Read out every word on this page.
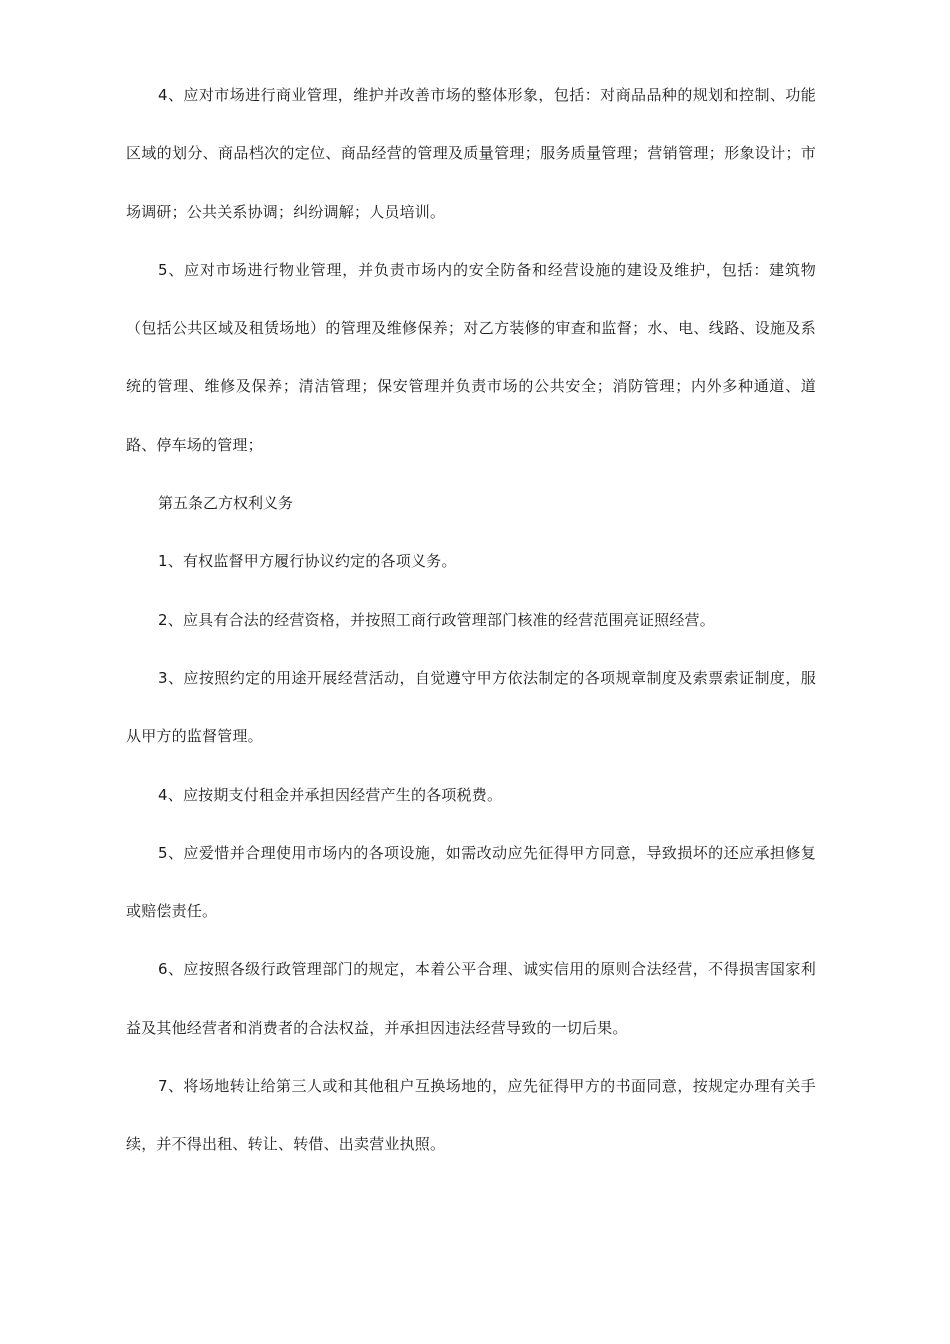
4、应对市场进行商业管理，维护并改善市场的整体形象，包括：对商品品种的规划和控制、功能区域的划分、商品档次的定位、商品经营的管理及质量管理；服务质量管理；营销管理；形象设计；市场调研；公共关系协调；纠纷调解；人员培训。

5、应对市场进行物业管理，并负责市场内的安全防备和经营设施的建设及维护，包括：建筑物（包括公共区域及租赁场地）的管理及维修保养；对乙方装修的审查和监督；水、电、线路、设施及系统的管理、维修及保养；清洁管理；保安管理并负责市场的公共安全；消防管理；内外多种通道、道路、停车场的管理；

第五条乙方权利义务

1、有权监督甲方履行协议约定的各项义务。

2、应具有合法的经营资格，并按照工商行政管理部门核准的经营范围亮证照经营。

3、应按照约定的用途开展经营活动，自觉遵守甲方依法制定的各项规章制度及索票索证制度，服从甲方的监督管理。

4、应按期支付租金并承担因经营产生的各项税费。

5、应爱惜并合理使用市场内的各项设施，如需改动应先征得甲方同意，导致损坏的还应承担修复或赔偿责任。

6、应按照各级行政管理部门的规定，本着公平合理、诚实信用的原则合法经营，不得损害国家利益及其他经营者和消费者的合法权益，并承担因违法经营导致的一切后果。

7、将场地转让给第三人或和其他租户互换场地的，应先征得甲方的书面同意，按规定办理有关手续，并不得出租、转让、转借、出卖营业执照。
